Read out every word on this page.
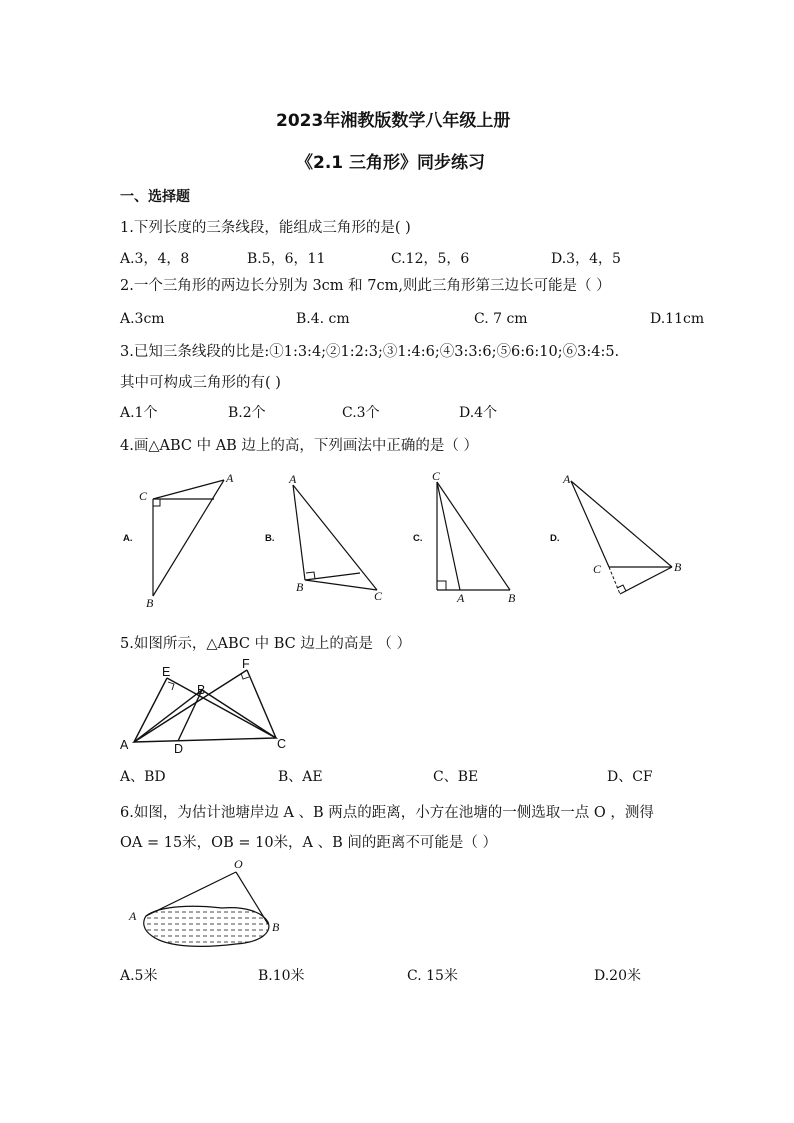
2023年湘教版数学八年级上册
《2.1 三角形》同步练习
一、选择题
1.下列长度的三条线段，能组成三角形的是( )
A.3，4，8	B.5，6，11	C.12，5，6	D.3，4，5
2.一个三角形的两边长分别为 3cm 和 7cm,则此三角形第三边长可能是（ ）
A.3cm	B.4. cm	C. 7 cm	D.11cm
3.已知三条线段的比是:①1:3:4;②1:2:3;③1:4:6;④3:3:6;⑤6:6:10;⑥3:4:5.
其中可构成三角形的有( )
A.1个	B.2个	C.3个	D.4个
4.画△ABC 中 AB 边上的高，下列画法中正确的是（ ）
A
C
B
A.
A
B
C
B.
C
A	B
C.
A
C	B
D.
5.如图所示，△ABC 中 BC 边上的高是 （ ）
A
B
C
D
E
F
A、BD	B、AE	C、BE	D、CF
6.如图，为估计池塘岸边 A 、B 两点的距离，小方在池塘的一侧选取一点 O ，测得
OA = 15米，OB = 10米，A 、B 间的距离不可能是（ ）
O
A
B
A.5米	B.10米	C. 15米	D.20米
